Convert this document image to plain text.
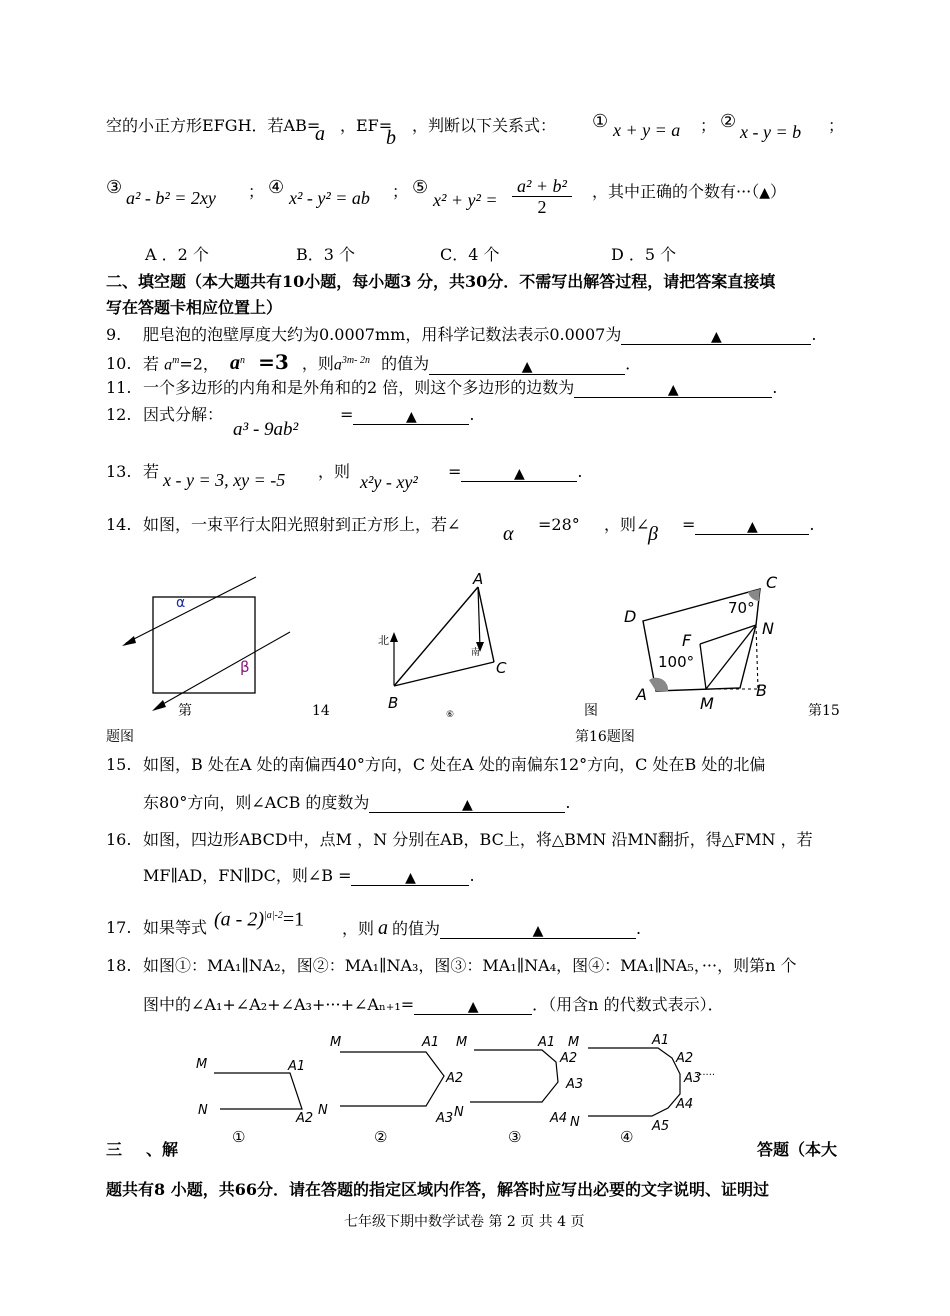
空的小正方形EFGH．若AB=
a ，EF=
b
，判断以下关系式： ① x + y = a ； ② x - y = b ；
③ a² - b² = 2xy ； ④ x² - y² = ab ； ⑤
$x^2 + y^2 = \frac{\text{a² + b²}}{2}$ ，其中正确的个数有···（▲）
A ．2 个	B．3 个	C．4 个	D ．5 个
二、填空题（本大题共有10小题，每小题3 分，共30分．不需写出解答过程，请把答案直接填
写在答题卡相应位置上）
9. 肥皂泡的泡壁厚度大约为0.0007mm，用科学记数法表示0.0007为	▲	.
10. 若 $a^m=2$， $a^n =3$ ，则$a^{3m- 2n}$ 的值为	▲	.
11. 一个多边形的内角和是外角和的2 倍，则这个多边形的边数为	▲	.
12. 因式分解：
a³ - 9ab²
=	▲	.
13. 若 x - y = 3, xy = -5 ，则
x²y - xy²
=	▲	.
14. 如图，一束平行太阳光照射到正方形上，若∠ α =28° ，则∠
β =	▲	.
α
β
第	14
题图
A
B
C
北
南
⑥
C
D
N
F
A	M
B
70°
100°
图	第15
第16题图
15. 如图，B 处在A 处的南偏西40°方向，C 处在A 处的南偏东12°方向，C 处在B 处的北偏
东80°方向，则∠ACB 的度数为	▲	.
16. 如图，四边形ABCD中，点M ，N 分别在AB，BC上，将△BMN 沿MN翻折，得△FMN ，若
MF∥AD，FN∥DC，则∠B =	▲	.
17. 如果等式 (a - 2)$^{|a|-2}$=1 ，则 a 的值为	▲	.
18. 如图①：MA₁∥NA₂，图②：MA₁∥NA₃，图③：MA₁∥NA₄，图④：MA₁∥NA₅，···，则第n 个
图中的∠A₁+∠A₂+∠A₃+···+∠Aₙ₊₁=	▲	．（用含n 的代数式表示）．
M
N
A1
A2
①
M
N
A1
A2
A3
②
M
N
A1
A2
A3
A4
③
M
N
A1
A2
A3
A4
A5
······
④
三 、解	答题（本大
题共有8 小题，共66分．请在答题的指定区域内作答，解答时应写出必要的文字说明、证明过
七年级下期中数学试卷 第 2 页 共 4 页
